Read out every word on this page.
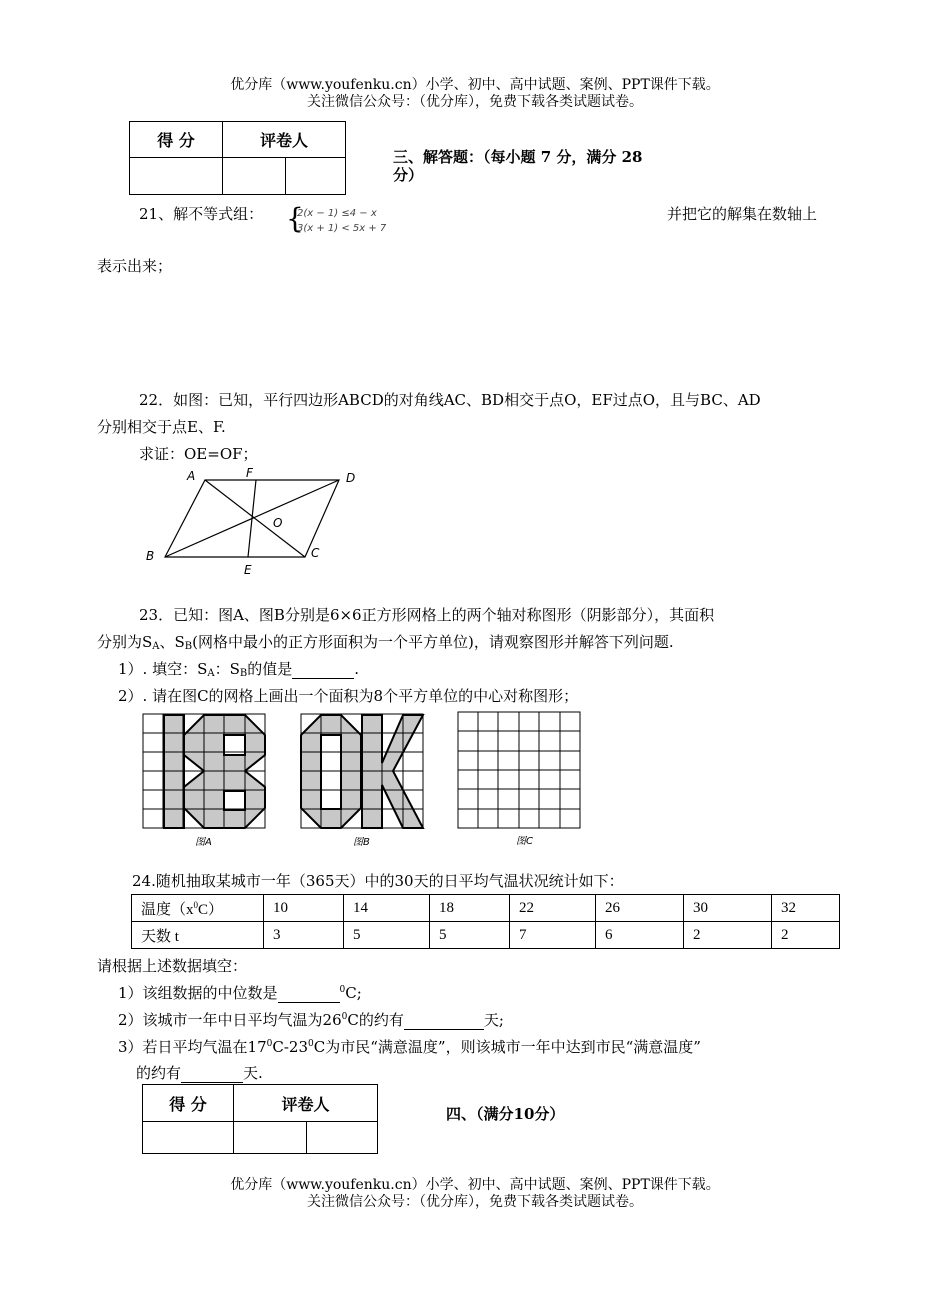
优分库（www.youfenku.cn）小学、初中、高中试题、案例、PPT课件下载。
关注微信公众号：（优分库），免费下载各类试题试卷。
得 分	评卷人	

三、解答题：（每小题 7 分，满分 28
分）
21、解不等式组： {
2(x − 1) ≤4 − x
3(x + 1) < 5x + 7
并把它的解集在数轴上
表示出来；
22．如图：已知，平行四边形ABCD的对角线AC、BD相交于点O，EF过点O，且与BC、AD
分别相交于点E、F.
求证：OE=OF；
A	F	D
O
B	C
E
23．已知：图A、图B分别是6×6正方形网格上的两个轴对称图形（阴影部分），其面积
分别为SA、SB(网格中最小的正方形面积为一个平方单位)，请观察图形并解答下列问题.
1）. 填空：SA：SB的值是	.
2）. 请在图C的网格上画出一个面积为8个平方单位的中心对称图形；
图A	图B	图C
24.随机抽取某城市一年（365天）中的30天的日平均气温状况统计如下：
温度$(x^0C)$	10	14	18	22	26	30	32
天数 t	3	5	5	7	6	2	2
请根据上述数据填空：
1）该组数据的中位数是	$^0$C;
2）该城市一年中日平均气温为$26^0C$的约有	天;
3）若日平均气温在$17^0C-23^0C$为市民“满意温度”，则该城市一年中达到市民“满意温度”
的约有	天.
得 分	评卷人	

四、（满分10分）
优分库（www.youfenku.cn）小学、初中、高中试题、案例、PPT课件下载。
关注微信公众号：（优分库），免费下载各类试题试卷。
